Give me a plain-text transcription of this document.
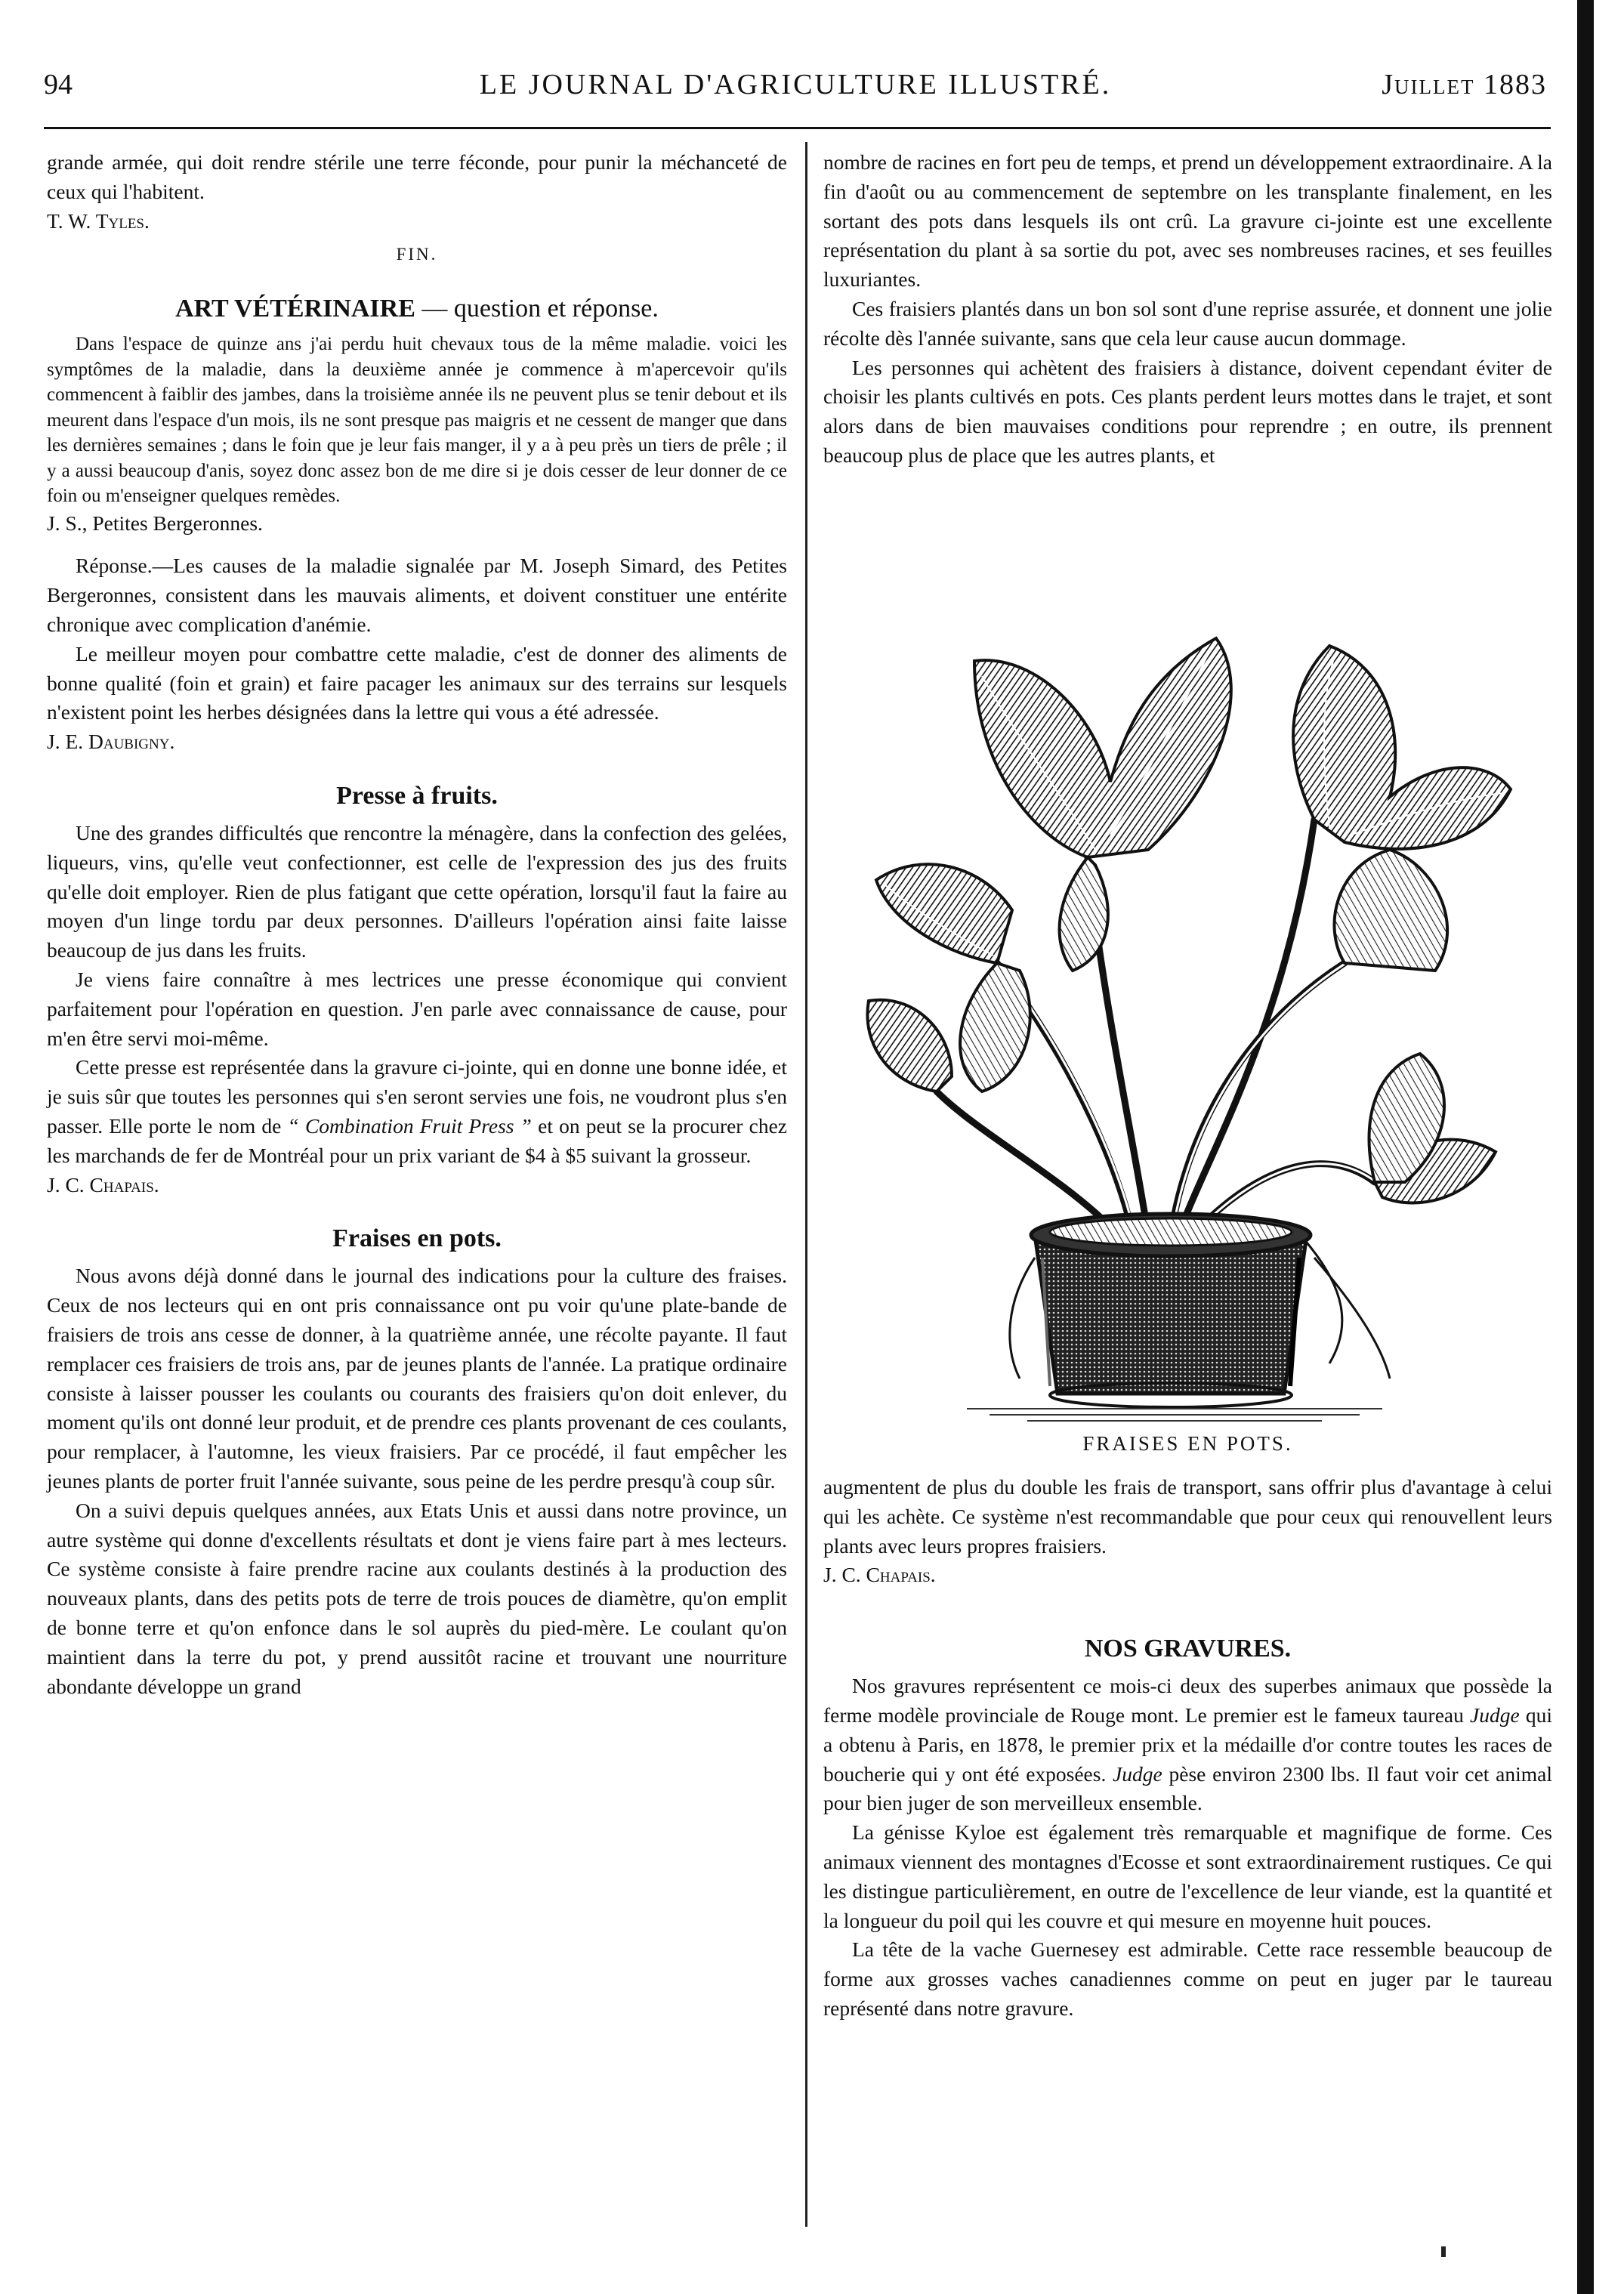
94	LE JOURNAL D'AGRICULTURE ILLUSTRÉ.	Juillet 1883

grande armée, qui doit rendre stérile une terre féconde, pour punir la méchanceté de ceux qui l'habitent.

T. W. Tyles.

FIN.
ART VÉTÉRINAIRE — question et réponse.

Dans l'espace de quinze ans j'ai perdu huit chevaux tous de la même maladie. voici les symptômes de la maladie, dans la deuxième année je commence à m'apercevoir qu'ils commencent à faiblir des jambes, dans la troisième année ils ne peuvent plus se tenir debout et ils meurent dans l'espace d'un mois, ils ne sont presque pas maigris et ne cessent de manger que dans les dernières semaines ; dans le foin que je leur fais manger, il y a à peu près un tiers de prêle ; il y a aussi beaucoup d'anis, soyez donc assez bon de me dire si je dois cesser de leur donner de ce foin ou m'enseigner quelques remèdes.

J. S., Petites Bergeronnes.

Réponse.—Les causes de la maladie signalée par M. Joseph Simard, des Petites Bergeronnes, consistent dans les mauvais aliments, et doivent constituer une entérite chronique avec complication d'anémie.

Le meilleur moyen pour combattre cette maladie, c'est de donner des aliments de bonne qualité (foin et grain) et faire pacager les animaux sur des terrains sur lesquels n'existent point les herbes désignées dans la lettre qui vous a été adressée.

J. E. Daubigny.

Presse à fruits.

Une des grandes difficultés que rencontre la ménagère, dans la confection des gelées, liqueurs, vins, qu'elle veut confectionner, est celle de l'expression des jus des fruits qu'elle doit employer. Rien de plus fatigant que cette opération, lorsqu'il faut la faire au moyen d'un linge tordu par deux personnes. D'ailleurs l'opération ainsi faite laisse beaucoup de jus dans les fruits.

Je viens faire connaître à mes lectrices une presse économique qui convient parfaitement pour l'opération en question. J'en parle avec connaissance de cause, pour m'en être servi moi-même.

Cette presse est représentée dans la gravure ci-jointe, qui en donne une bonne idée, et je suis sûr que toutes les personnes qui s'en seront servies une fois, ne voudront plus s'en passer. Elle porte le nom de “ Combination Fruit Press ” et on peut se la procurer chez les marchands de fer de Montréal pour un prix variant de $4 à $5 suivant la grosseur.

J. C. Chapais.

Fraises en pots.

Nous avons déjà donné dans le journal des indications pour la culture des fraises. Ceux de nos lecteurs qui en ont pris connaissance ont pu voir qu'une plate-bande de fraisiers de trois ans cesse de donner, à la quatrième année, une récolte payante. Il faut remplacer ces fraisiers de trois ans, par de jeunes plants de l'année. La pratique ordinaire consiste à laisser pousser les coulants ou courants des fraisiers qu'on doit enlever, du moment qu'ils ont donné leur produit, et de prendre ces plants provenant de ces coulants, pour remplacer, à l'automne, les vieux fraisiers. Par ce procédé, il faut empêcher les jeunes plants de porter fruit l'année suivante, sous peine de les perdre presqu'à coup sûr.

On a suivi depuis quelques années, aux Etats Unis et aussi dans notre province, un autre système qui donne d'excellents résultats et dont je viens faire part à mes lecteurs. Ce système consiste à faire prendre racine aux coulants destinés à la production des nouveaux plants, dans des petits pots de terre de trois pouces de diamètre, qu'on emplit de bonne terre et qu'on enfonce dans le sol auprès du pied-mère. Le coulant qu'on maintient dans la terre du pot, y prend aussitôt racine et trouvant une nourriture abondante développe un grand

nombre de racines en fort peu de temps, et prend un développement extraordinaire. A la fin d'août ou au commencement de septembre on les transplante finalement, en les sortant des pots dans lesquels ils ont crû. La gravure ci-jointe est une excellente représentation du plant à sa sortie du pot, avec ses nombreuses racines, et ses feuilles luxuriantes.

Ces fraisiers plantés dans un bon sol sont d'une reprise assurée, et donnent une jolie récolte dès l'année suivante, sans que cela leur cause aucun dommage.

Les personnes qui achètent des fraisiers à distance, doivent cependant éviter de choisir les plants cultivés en pots. Ces plants perdent leurs mottes dans le trajet, et sont alors dans de bien mauvaises conditions pour reprendre ; en outre, ils prennent beaucoup plus de place que les autres plants, et

FRAISES EN POTS.

augmentent de plus du double les frais de transport, sans offrir plus d'avantage à celui qui les achète. Ce système n'est recommandable que pour ceux qui renouvellent leurs plants avec leurs propres fraisiers.

J. C. Chapais.

NOS GRAVURES.

Nos gravures représentent ce mois-ci deux des superbes animaux que possède la ferme modèle provinciale de Rouge mont. Le premier est le fameux taureau Judge qui a obtenu à Paris, en 1878, le premier prix et la médaille d'or contre toutes les races de boucherie qui y ont été exposées. Judge pèse environ 2300 lbs. Il faut voir cet animal pour bien juger de son merveilleux ensemble.

La génisse Kyloe est également très remarquable et magnifique de forme. Ces animaux viennent des montagnes d'Ecosse et sont extraordinairement rustiques. Ce qui les distingue particulièrement, en outre de l'excellence de leur viande, est la quantité et la longueur du poil qui les couvre et qui mesure en moyenne huit pouces.

La tête de la vache Guernesey est admirable. Cette race ressemble beaucoup de forme aux grosses vaches canadiennes comme on peut en juger par le taureau représenté dans notre gravure.
